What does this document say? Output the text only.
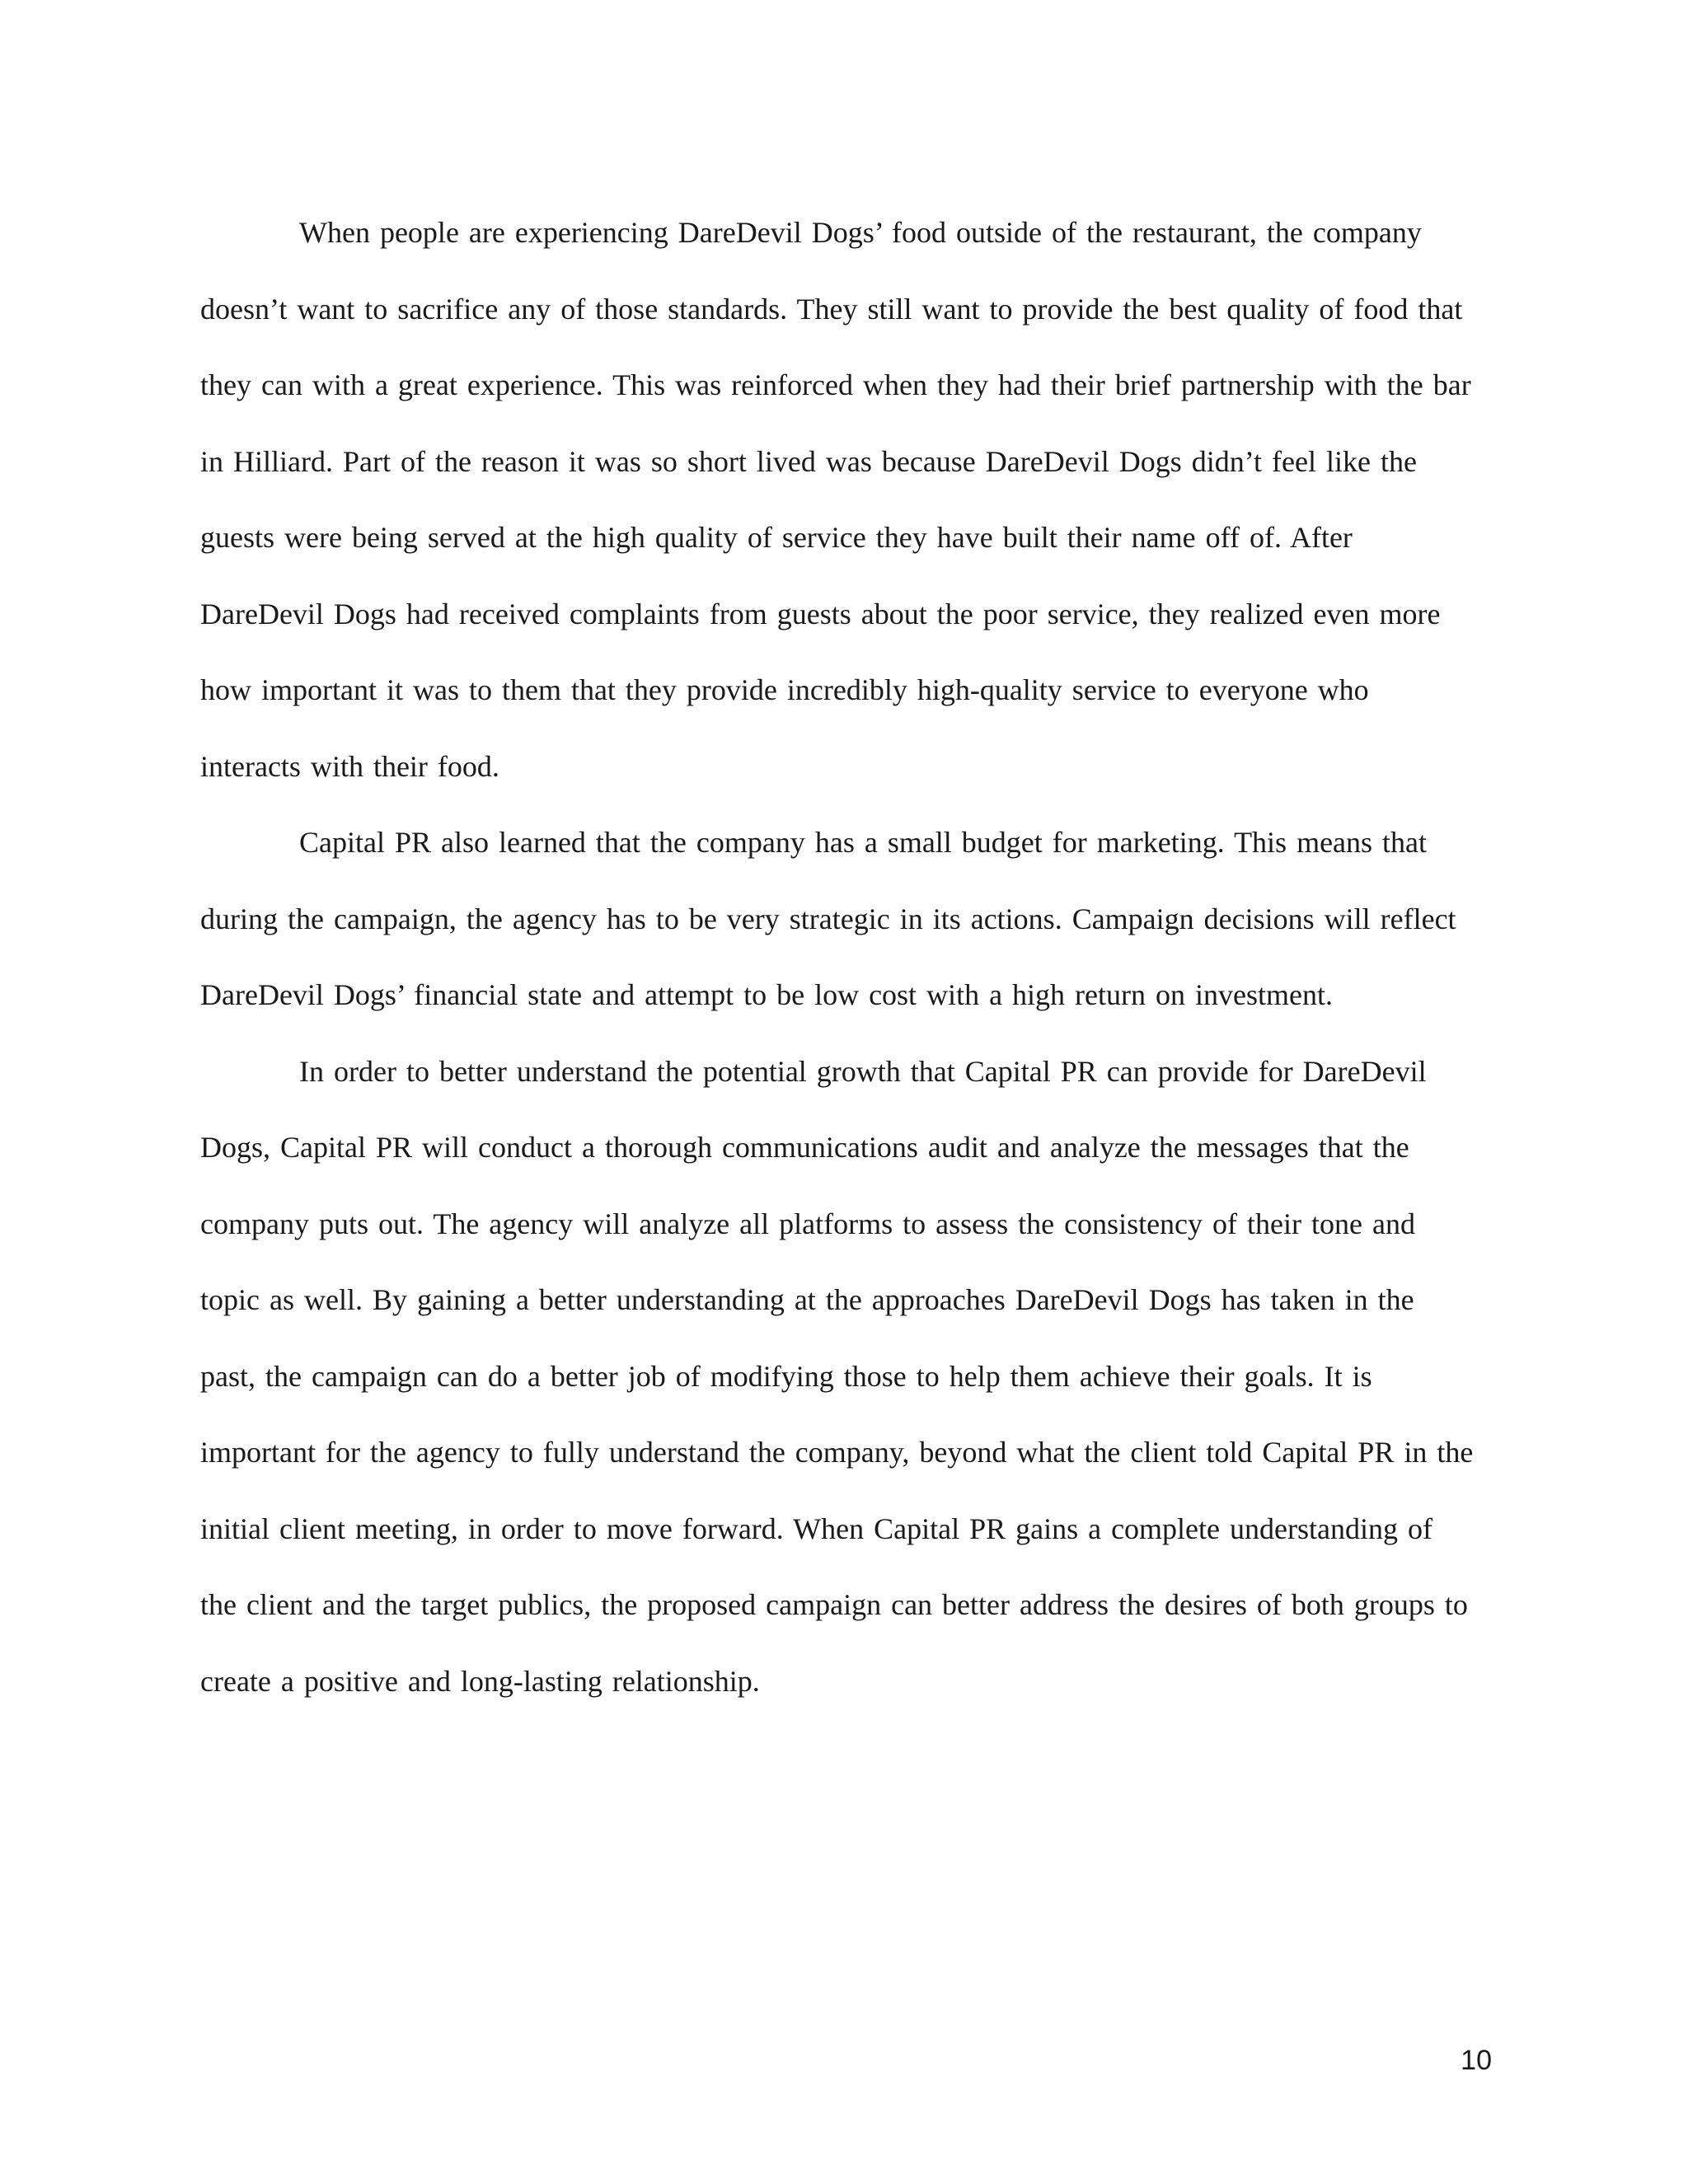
When people are experiencing DareDevil Dogs’ food outside of the restaurant, the company doesn’t want to sacrifice any of those standards. They still want to provide the best quality of food that they can with a great experience. This was reinforced when they had their brief partnership with the bar in Hilliard. Part of the reason it was so short lived was because DareDevil Dogs didn’t feel like the guests were being served at the high quality of service they have built their name off of. After DareDevil Dogs had received complaints from guests about the poor service, they realized even more how important it was to them that they provide incredibly high-quality service to everyone who interacts with their food.

Capital PR also learned that the company has a small budget for marketing. This means that during the campaign, the agency has to be very strategic in its actions. Campaign decisions will reflect DareDevil Dogs’ financial state and attempt to be low cost with a high return on investment.

In order to better understand the potential growth that Capital PR can provide for DareDevil Dogs, Capital PR will conduct a thorough communications audit and analyze the messages that the company puts out. The agency will analyze all platforms to assess the consistency of their tone and topic as well. By gaining a better understanding at the approaches DareDevil Dogs has taken in the past, the campaign can do a better job of modifying those to help them achieve their goals. It is important for the agency to fully understand the company, beyond what the client told Capital PR in the initial client meeting, in order to move forward. When Capital PR gains a complete understanding of the client and the target publics, the proposed campaign can better address the desires of both groups to create a positive and long-lasting relationship.

10
